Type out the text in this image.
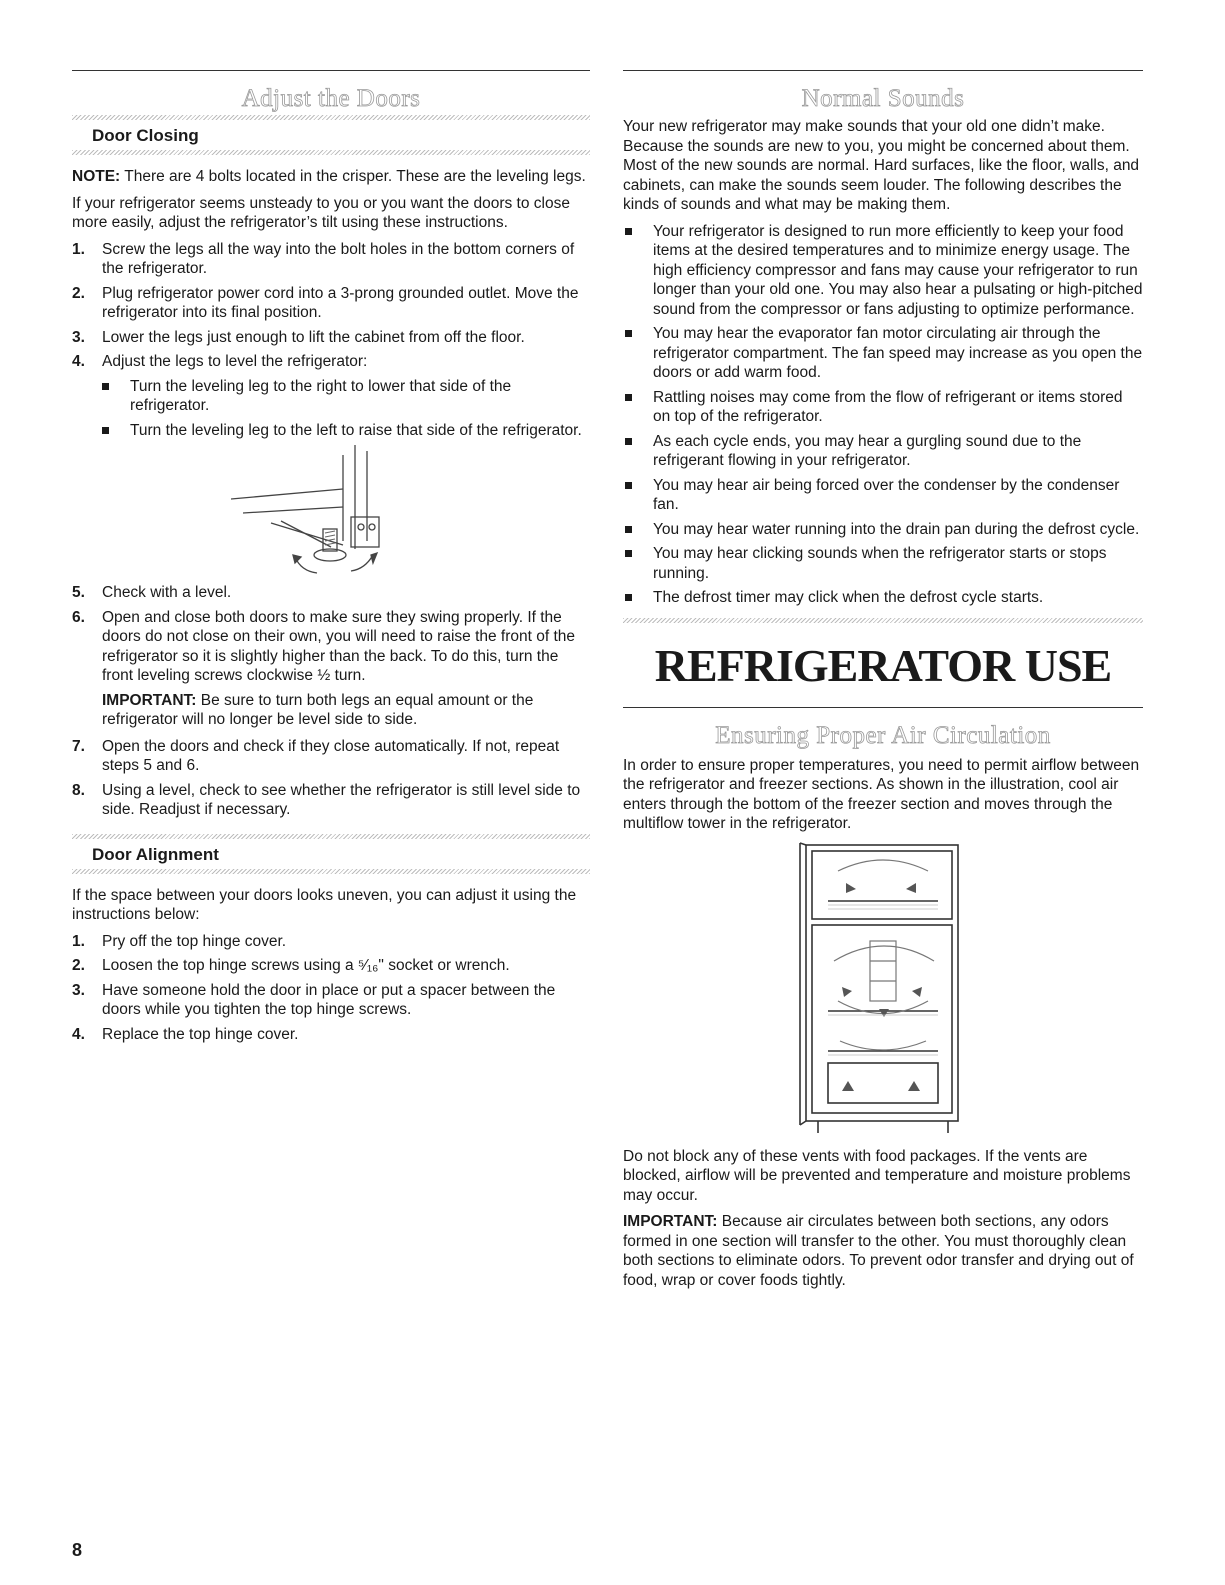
Adjust the Doors
Door Closing

NOTE: There are 4 bolts located in the crisper. These are the leveling legs.

If your refrigerator seems unsteady to you or you want the doors to close more easily, adjust the refrigerator’s tilt using these instructions.

1. Screw the legs all the way into the bolt holes in the bottom corners of the refrigerator.
2. Plug refrigerator power cord into a 3-prong grounded outlet. Move the refrigerator into its final position.
3. Lower the legs just enough to lift the cabinet from off the floor.
4. Adjust the legs to level the refrigerator:
Turn the leveling leg to the right to lower that side of the refrigerator.
Turn the leveling leg to the left to raise that side of the refrigerator.
5. Check with a level.
6. Open and close both doors to make sure they swing properly. If the doors do not close on their own, you will need to raise the front of the refrigerator so it is slightly higher than the back. To do this, turn the front leveling screws clockwise ½ turn.

IMPORTANT: Be sure to turn both legs an equal amount or the refrigerator will no longer be level side to side.

7. Open the doors and check if they close automatically. If not, repeat steps 5 and 6.
8. Using a level, check to see whether the refrigerator is still level side to side. Readjust if necessary.
Door Alignment

If the space between your doors looks uneven, you can adjust it using the instructions below:

1. Pry off the top hinge cover.
2. Loosen the top hinge screws using a ⁵⁄₁₆" socket or wrench.
3. Have someone hold the door in place or put a spacer between the doors while you tighten the top hinge screws.
4. Replace the top hinge cover.
Normal Sounds

Your new refrigerator may make sounds that your old one didn’t make. Because the sounds are new to you, you might be concerned about them. Most of the new sounds are normal. Hard surfaces, like the floor, walls, and cabinets, can make the sounds seem louder. The following describes the kinds of sounds and what may be making them.

Your refrigerator is designed to run more efficiently to keep your food items at the desired temperatures and to minimize energy usage. The high efficiency compressor and fans may cause your refrigerator to run longer than your old one. You may also hear a pulsating or high-pitched sound from the compressor or fans adjusting to optimize performance.
You may hear the evaporator fan motor circulating air through the refrigerator compartment. The fan speed may increase as you open the doors or add warm food.
Rattling noises may come from the flow of refrigerant or items stored on top of the refrigerator.
As each cycle ends, you may hear a gurgling sound due to the refrigerant flowing in your refrigerator.
You may hear air being forced over the condenser by the condenser fan.
You may hear water running into the drain pan during the defrost cycle.
You may hear clicking sounds when the refrigerator starts or stops running.
The defrost timer may click when the defrost cycle starts.
REFRIGERATOR USE
Ensuring Proper Air Circulation

In order to ensure proper temperatures, you need to permit airflow between the refrigerator and freezer sections. As shown in the illustration, cool air enters through the bottom of the freezer section and moves through the multiflow tower in the refrigerator.

Do not block any of these vents with food packages. If the vents are blocked, airflow will be prevented and temperature and moisture problems may occur.

IMPORTANT: Because air circulates between both sections, any odors formed in one section will transfer to the other. You must thoroughly clean both sections to eliminate odors. To prevent odor transfer and drying out of food, wrap or cover foods tightly.

8
